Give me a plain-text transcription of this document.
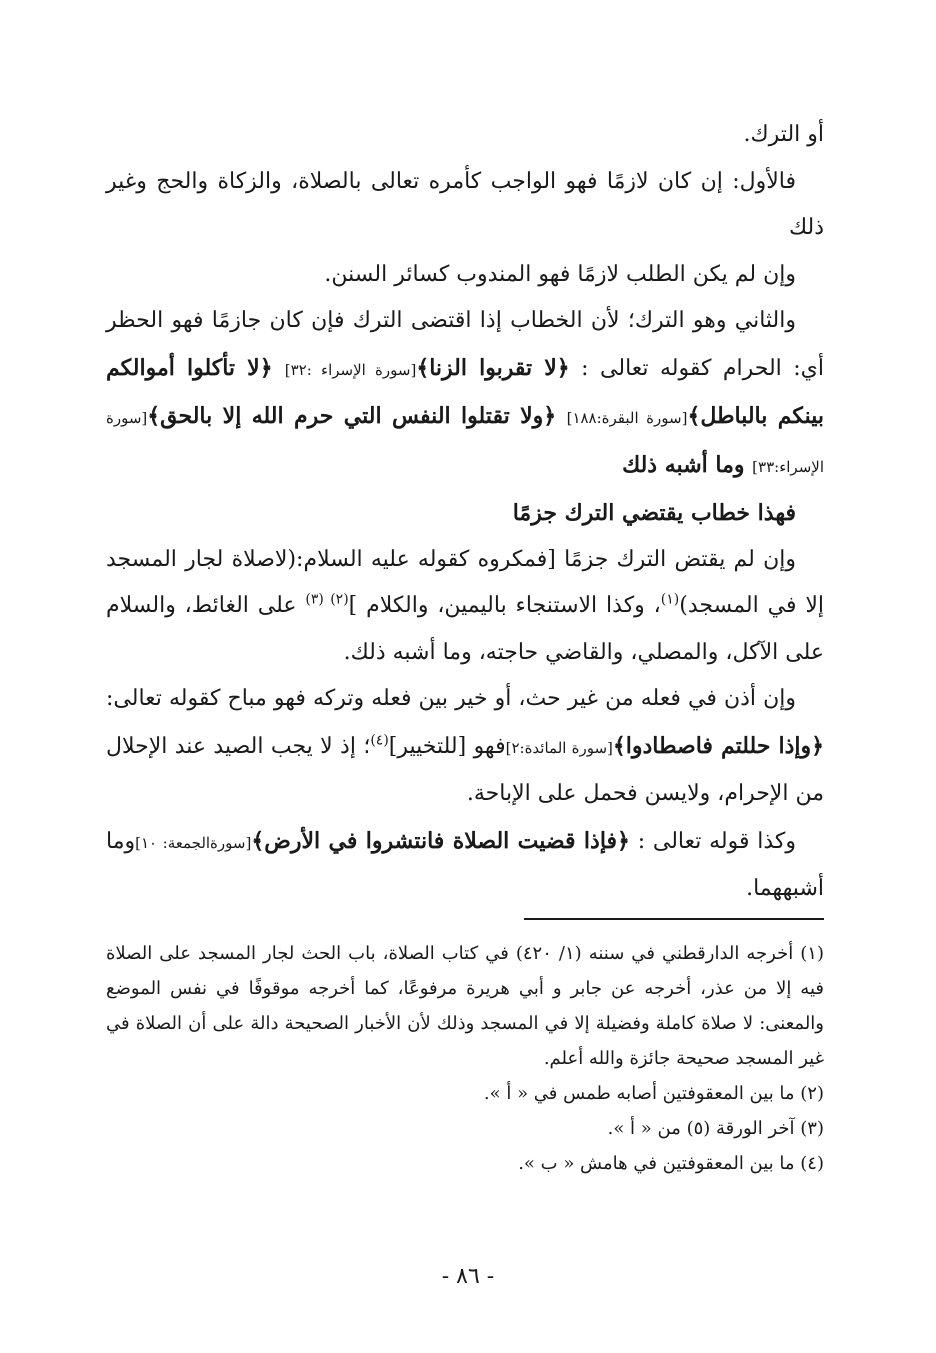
أو الترك.

فالأول: إن كان لازمًا فهو الواجب كأمره تعالى بالصلاة، والزكاة والحج وغير ذلك

وإن لم يكن الطلب لازمًا فهو المندوب كسائر السنن.

والثاني وهو الترك؛ لأن الخطاب إذا اقتضى الترك فإن كان جازمًا فهو الحظر أي: الحرام كقوله تعالى : ﴿لا تقربوا الزنا﴾[سورة الإسراء :٣٢] ﴿لا تأكلوا أموالكم بينكم بالباطل﴾[سورة البقرة:١٨٨] ﴿ولا تقتلوا النفس التي حرم الله إلا بالحق﴾[سورة الإسراء:٣٣] وما أشبه ذلك

فهذا خطاب يقتضي الترك جزمًا

وإن لم يقتض الترك جزمًا [فمكروه كقوله عليه السلام:(لاصلاة لجار المسجد إلا في المسجد)$^{(١)}$، وكذا الاستنجاء باليمين، والكلام ]$^{(٢) (٣)}$ على الغائط، والسلام على الآكل، والمصلي، والقاضي حاجته، وما أشبه ذلك.

وإن أذن في فعله من غير حث، أو خير بين فعله وتركه فهو مباح كقوله تعالى: ﴿وإذا حللتم فاصطادوا﴾[سورة المائدة:٢]فهو [للتخيير]$^{(٤)}$؛ إذ لا يجب الصيد عند الإحلال من الإحرام، ولايسن فحمل على الإباحة.

وكذا قوله تعالى : ﴿فإذا قضيت الصلاة فانتشروا في الأرض﴾[سورةالجمعة: ١٠]وما أشبههما.

(١) أخرجه الدارقطني في سننه (١/ ٤٢٠) في كتاب الصلاة، باب الحث لجار المسجد على الصلاة فيه إلا من عذر، أخرجه عن جابر و أبي هريرة مرفوعًا، كما أخرجه موقوفًا في نفس الموضع والمعنى: لا صلاة كاملة وفضيلة إلا في المسجد وذلك لأن الأخبار الصحيحة دالة على أن الصلاة في غير المسجد صحيحة جائزة والله أعلم.

(٢) ما بين المعقوفتين أصابه طمس في « أ ».

(٣) آخر الورقة (٥) من « أ ».

(٤) ما بين المعقوفتين في هامش « ب ».

- ٨٦ -
